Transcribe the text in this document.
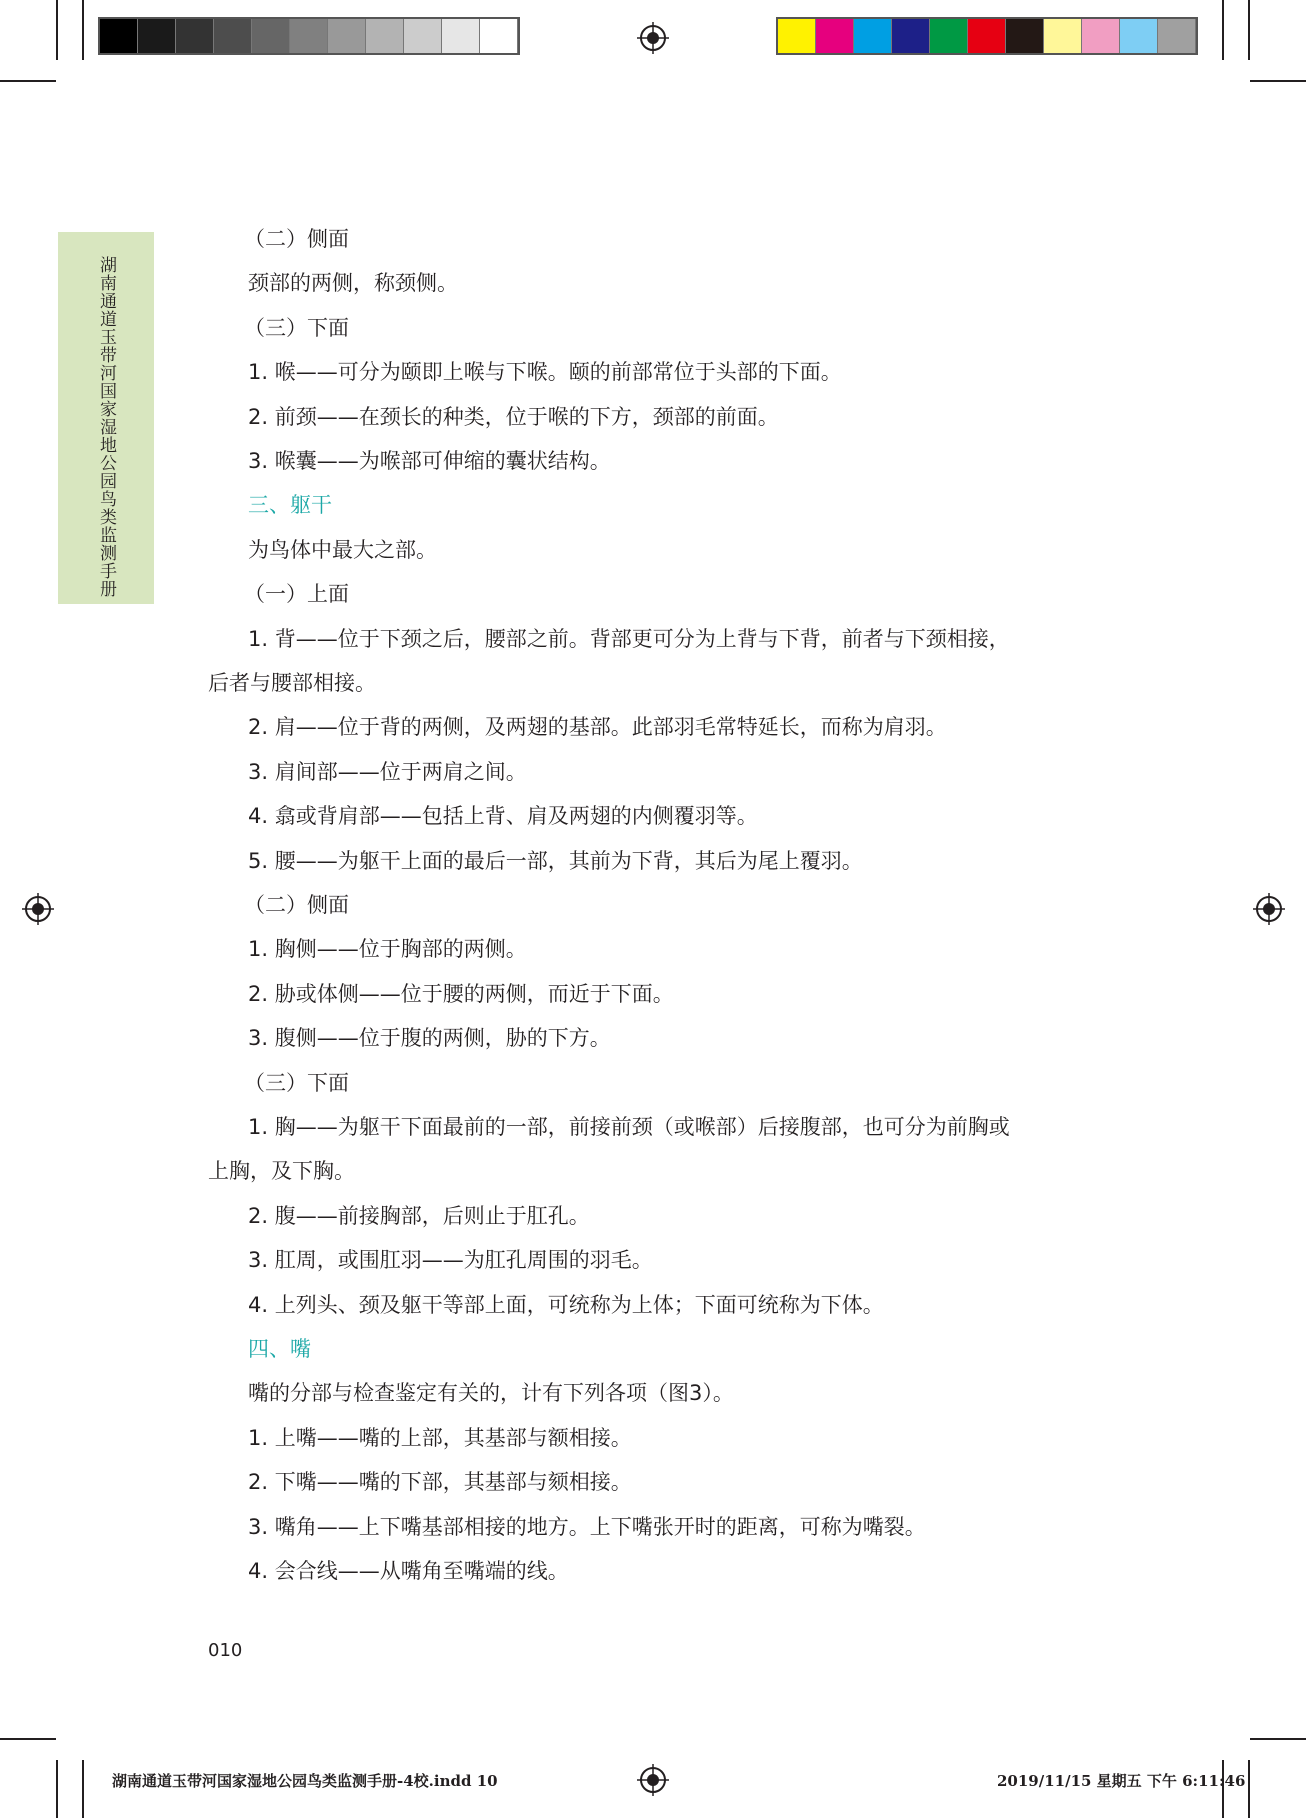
湖南通道玉带河国家湿地公园鸟类监测手册
（二）侧面
颈部的两侧，称颈侧。
（三）下面
1. 喉——可分为颐即上喉与下喉。颐的前部常位于头部的下面。
2. 前颈——在颈长的种类，位于喉的下方，颈部的前面。
3. 喉囊——为喉部可伸缩的囊状结构。
三、躯干
为鸟体中最大之部。
（一）上面
1. 背——位于下颈之后，腰部之前。背部更可分为上背与下背，前者与下颈相接，
后者与腰部相接。
2. 肩——位于背的两侧，及两翅的基部。此部羽毛常特延长，而称为肩羽。
3. 肩间部——位于两肩之间。
4. 翕或背肩部——包括上背、肩及两翅的内侧覆羽等。
5. 腰——为躯干上面的最后一部，其前为下背，其后为尾上覆羽。
（二）侧面
1. 胸侧——位于胸部的两侧。
2. 胁或体侧——位于腰的两侧，而近于下面。
3. 腹侧——位于腹的两侧，胁的下方。
（三）下面
1. 胸——为躯干下面最前的一部，前接前颈（或喉部）后接腹部，也可分为前胸或
上胸，及下胸。
2. 腹——前接胸部，后则止于肛孔。
3. 肛周，或围肛羽——为肛孔周围的羽毛。
4. 上列头、颈及躯干等部上面，可统称为上体；下面可统称为下体。
四、嘴
嘴的分部与检查鉴定有关的，计有下列各项（图3）。
1. 上嘴——嘴的上部，其基部与额相接。
2. 下嘴——嘴的下部，其基部与颏相接。
3. 嘴角——上下嘴基部相接的地方。上下嘴张开时的距离，可称为嘴裂。
4. 会合线——从嘴角至嘴端的线。
010
湖南通道玉带河国家湿地公园鸟类监测手册-4校.indd 10	2019/11/15 星期五 下午 6:11:46
